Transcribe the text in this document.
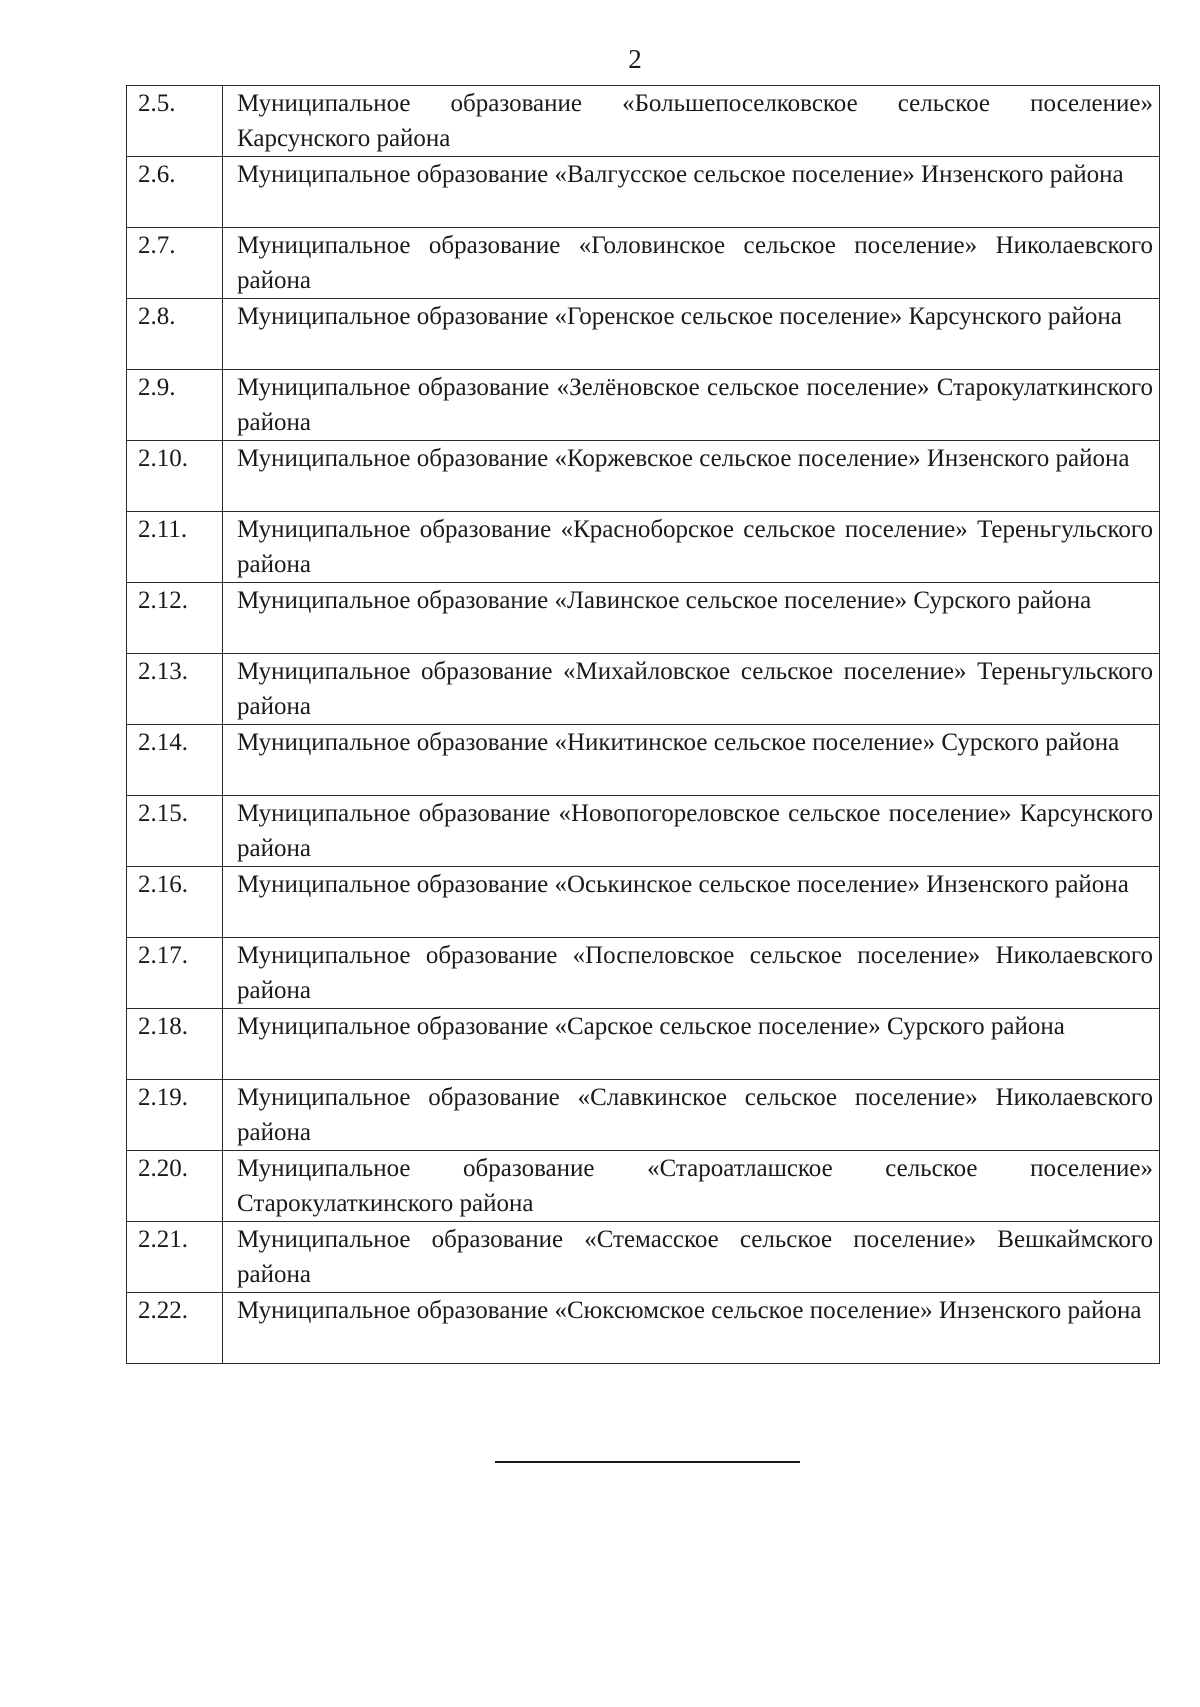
2
2.5.	Муниципальное образование «Большепоселковское сельское поселение» Карсунского района
2.6.	Муниципальное образование «Валгусское сельское поселение» Инзенского района
2.7.	Муниципальное образование «Головинское сельское поселение» Николаевского района
2.8.	Муниципальное образование «Горенское сельское поселение» Карсунского района
2.9.	Муниципальное образование «Зелёновское сельское поселение» Старокулаткинского района
2.10.	Муниципальное образование «Коржевское сельское поселение» Инзенского района
2.11.	Муниципальное образование «Красноборское сельское поселение» Тереньгульского района
2.12.	Муниципальное образование «Лавинское сельское поселение» Сурского района
2.13.	Муниципальное образование «Михайловское сельское поселение» Тереньгульского района
2.14.	Муниципальное образование «Никитинское сельское поселение» Сурского района
2.15.	Муниципальное образование «Новопогореловское сельское поселение» Карсунского района
2.16.	Муниципальное образование «Оськинское сельское поселение» Инзенского района
2.17.	Муниципальное образование «Поспеловское сельское поселение» Николаевского района
2.18.	Муниципальное образование «Сарское сельское поселение» Сурского района
2.19.	Муниципальное образование «Славкинское сельское поселение» Николаевского района
2.20.	Муниципальное образование «Староатлашское сельское поселение» Старокулаткинского района
2.21.	Муниципальное образование «Стемасское сельское поселение» Вешкаймского района
2.22.	Муниципальное образование «Сюксюмское сельское поселение» Инзенского района
